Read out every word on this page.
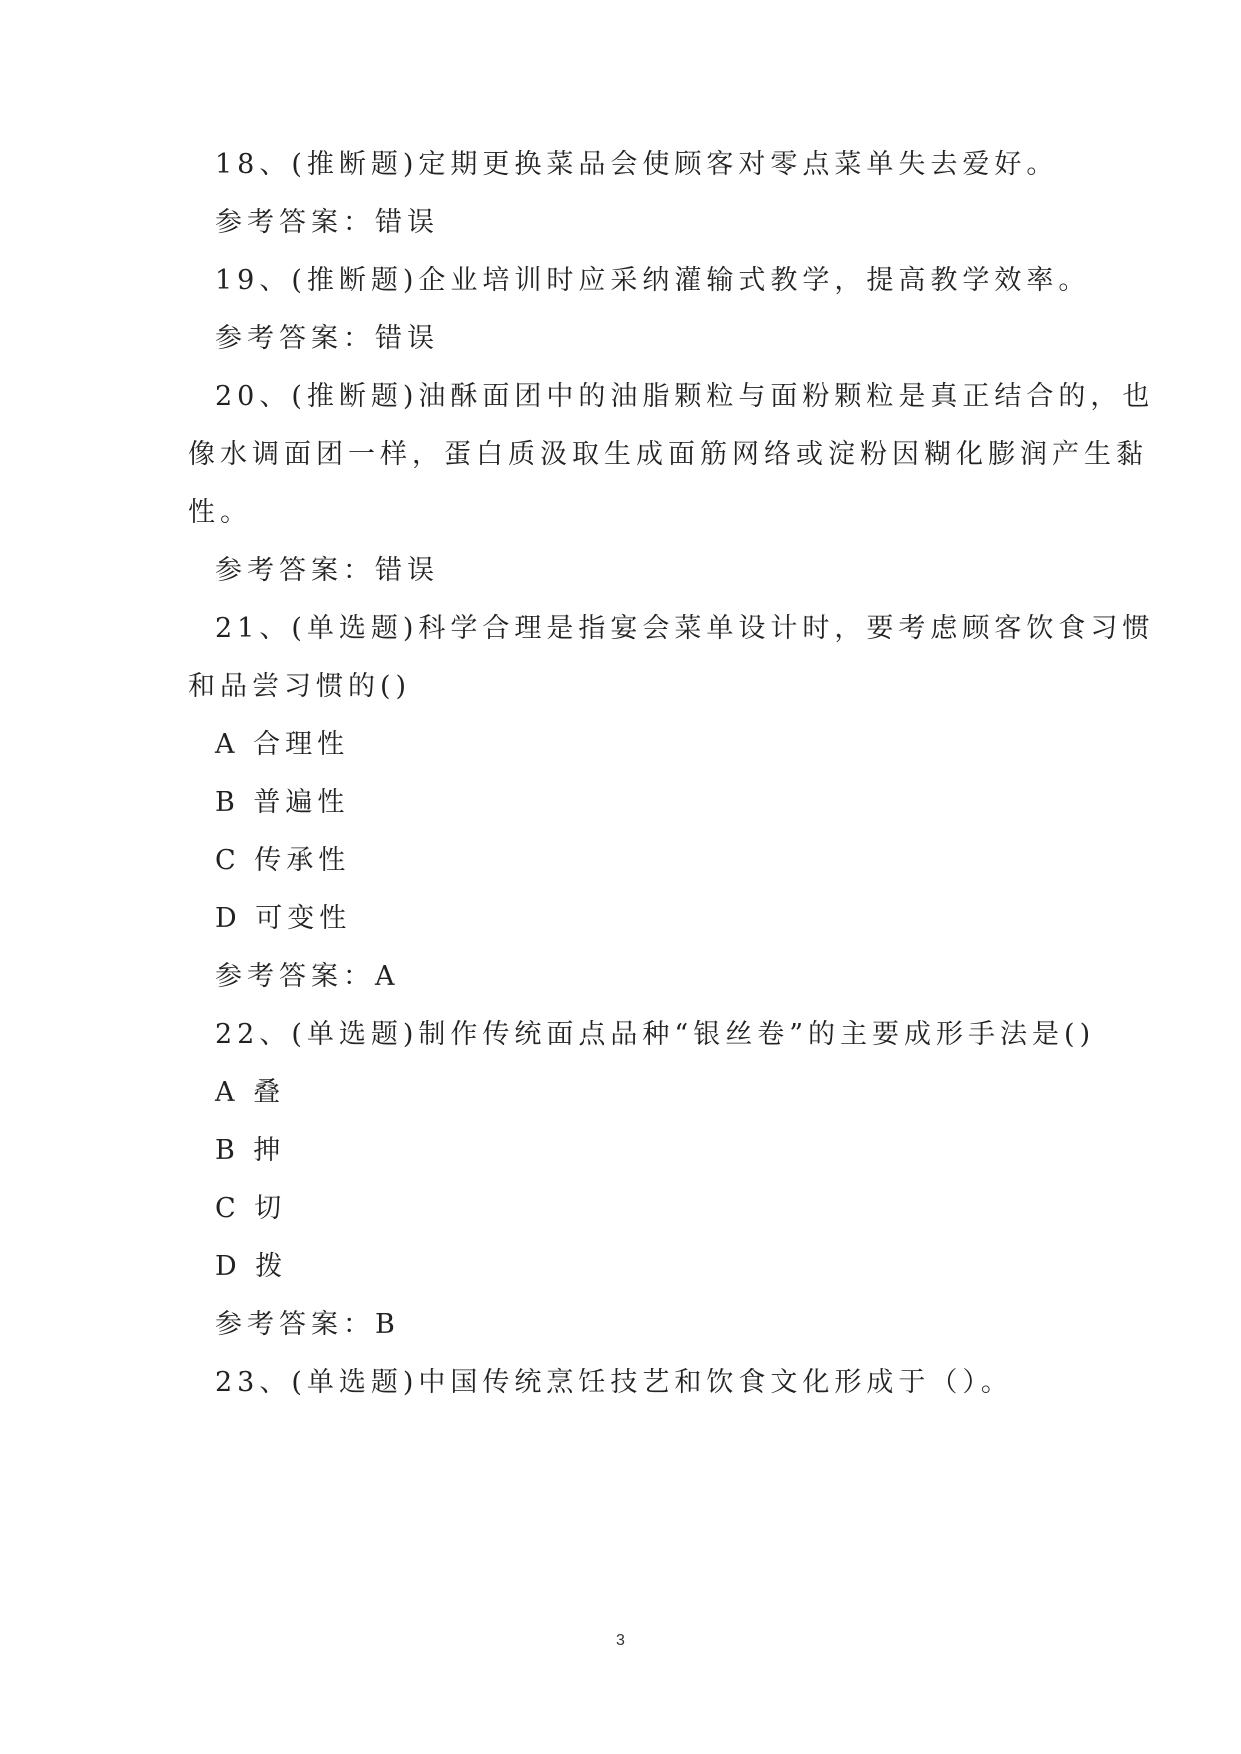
18、(推断题)定期更换菜品会使顾客对零点菜单失去爱好。
参考答案：错误
19、(推断题)企业培训时应采纳灌输式教学，提高教学效率。
参考答案：错误
20、(推断题)油酥面团中的油脂颗粒与面粉颗粒是真正结合的，也
像水调面团一样，蛋白质汲取生成面筋网络或淀粉因糊化膨润产生黏
性。
参考答案：错误
21、(单选题)科学合理是指宴会菜单设计时，要考虑顾客饮食习惯
和品尝习惯的()
A 合理性
B 普遍性
C 传承性
D 可变性
参考答案：A
22、(单选题)制作传统面点品种“银丝卷”的主要成形手法是()
A 叠
B 抻
C 切
D 拨
参考答案：B
23、(单选题)中国传统烹饪技艺和饮食文化形成于（）。
3
